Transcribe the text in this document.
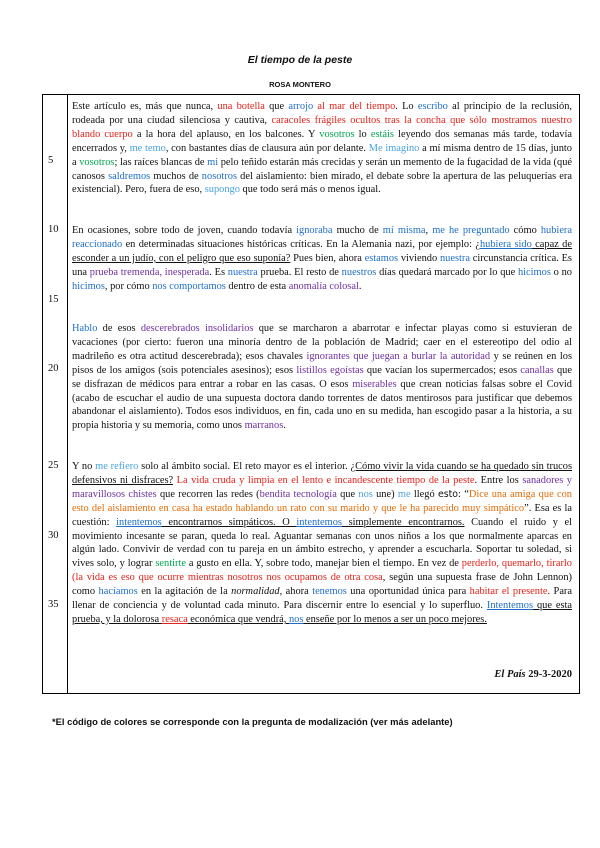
El tiempo de la peste
ROSA MONTERO
5
10
15
20
25
30
35
Este artículo es, más que nunca, una botella que arrojo al mar del tiempo. Lo escribo al principio de la reclusión, rodeada por una ciudad silenciosa y cautiva, caracoles frágiles ocultos tras la concha que sólo mostramos nuestro blando cuerpo a la hora del aplauso, en los balcones. Y vosotros lo estáis leyendo dos semanas más tarde, todavía encerrados y, me temo, con bastantes días de clausura aún por delante. Me imagino a mí misma dentro de 15 días, junto a vosotros; las raíces blancas de mi pelo teñido estarán más crecidas y serán un memento de la fugacidad de la vida (qué canosos saldremos muchos de nosotros del aislamiento: bien mirado, el debate sobre la apertura de las peluquerías era existencial). Pero, fuera de eso, supongo que todo será más o menos igual.
En ocasiones, sobre todo de joven, cuando todavía ignoraba mucho de mí misma, me he preguntado cómo hubiera reaccionado en determinadas situaciones históricas críticas. En la Alemania nazi, por ejemplo: ¿hubiera sido capaz de esconder a un judío, con el peligro que eso suponía? Pues bien, ahora estamos viviendo nuestra circunstancia crítica. Es una prueba tremenda, inesperada. Es nuestra prueba. El resto de nuestros días quedará marcado por lo que hicimos o no hicimos, por cómo nos comportamos dentro de esta anomalía colosal.
Hablo de esos descerebrados insolidarios que se marcharon a abarrotar e infectar playas como si estuvieran de vacaciones (por cierto: fueron una minoría dentro de la población de Madrid; caer en el estereotipo del odio al madrileño es otra actitud descerebrada); esos chavales ignorantes que juegan a burlar la autoridad y se reúnen en los pisos de los amigos (sois potenciales asesinos); esos listillos egoístas que vacían los supermercados; esos canallas que se disfrazan de médicos para entrar a robar en las casas. O esos miserables que crean noticias falsas sobre el Covid (acabo de escuchar el audio de una supuesta doctora dando torrentes de datos mentirosos para justificar que debemos abandonar el aislamiento). Todos esos individuos, en fin, cada uno en su medida, han escogido pasar a la historia, a su propia historia y su memoria, como unos marranos.
Y no me refiero solo al ámbito social. El reto mayor es el interior. ¿Cómo vivir la vida cuando se ha quedado sin trucos defensivos ni disfraces? La vida cruda y limpia en el lento e incandescente tiempo de la peste. Entre los sanadores y maravillosos chistes que recorren las redes (bendita tecnología que nos une) me llegó esto: “Dice una amiga que con esto del aislamiento en casa ha estado hablando un rato con su marido y que le ha parecido muy simpático”. Esa es la cuestión: intentemos encontrarnos simpáticos. O intentemos simplemente encontrarnos. Cuando el ruido y el movimiento incesante se paran, queda lo real. Aguantar semanas con unos niños a los que normalmente aparcas en algún lado. Convivir de verdad con tu pareja en un ámbito estrecho, y aprender a escucharla. Soportar tu soledad, si vives solo, y lograr sentirte a gusto en ella. Y, sobre todo, manejar bien el tiempo. En vez de perderlo, quemarlo, tirarlo (la vida es eso que ocurre mientras nosotros nos ocupamos de otra cosa, según una supuesta frase de John Lennon) como hacíamos en la agitación de la normalidad, ahora tenemos una oportunidad única para habitar el presente. Para llenar de conciencia y de voluntad cada minuto. Para discernir entre lo esencial y lo superfluo. Intentemos que esta prueba, y la dolorosa resaca económica que vendrá, nos enseñe por lo menos a ser un poco mejores.
El País 29-3-2020
*El código de colores se corresponde con la pregunta de modalización (ver más adelante)
